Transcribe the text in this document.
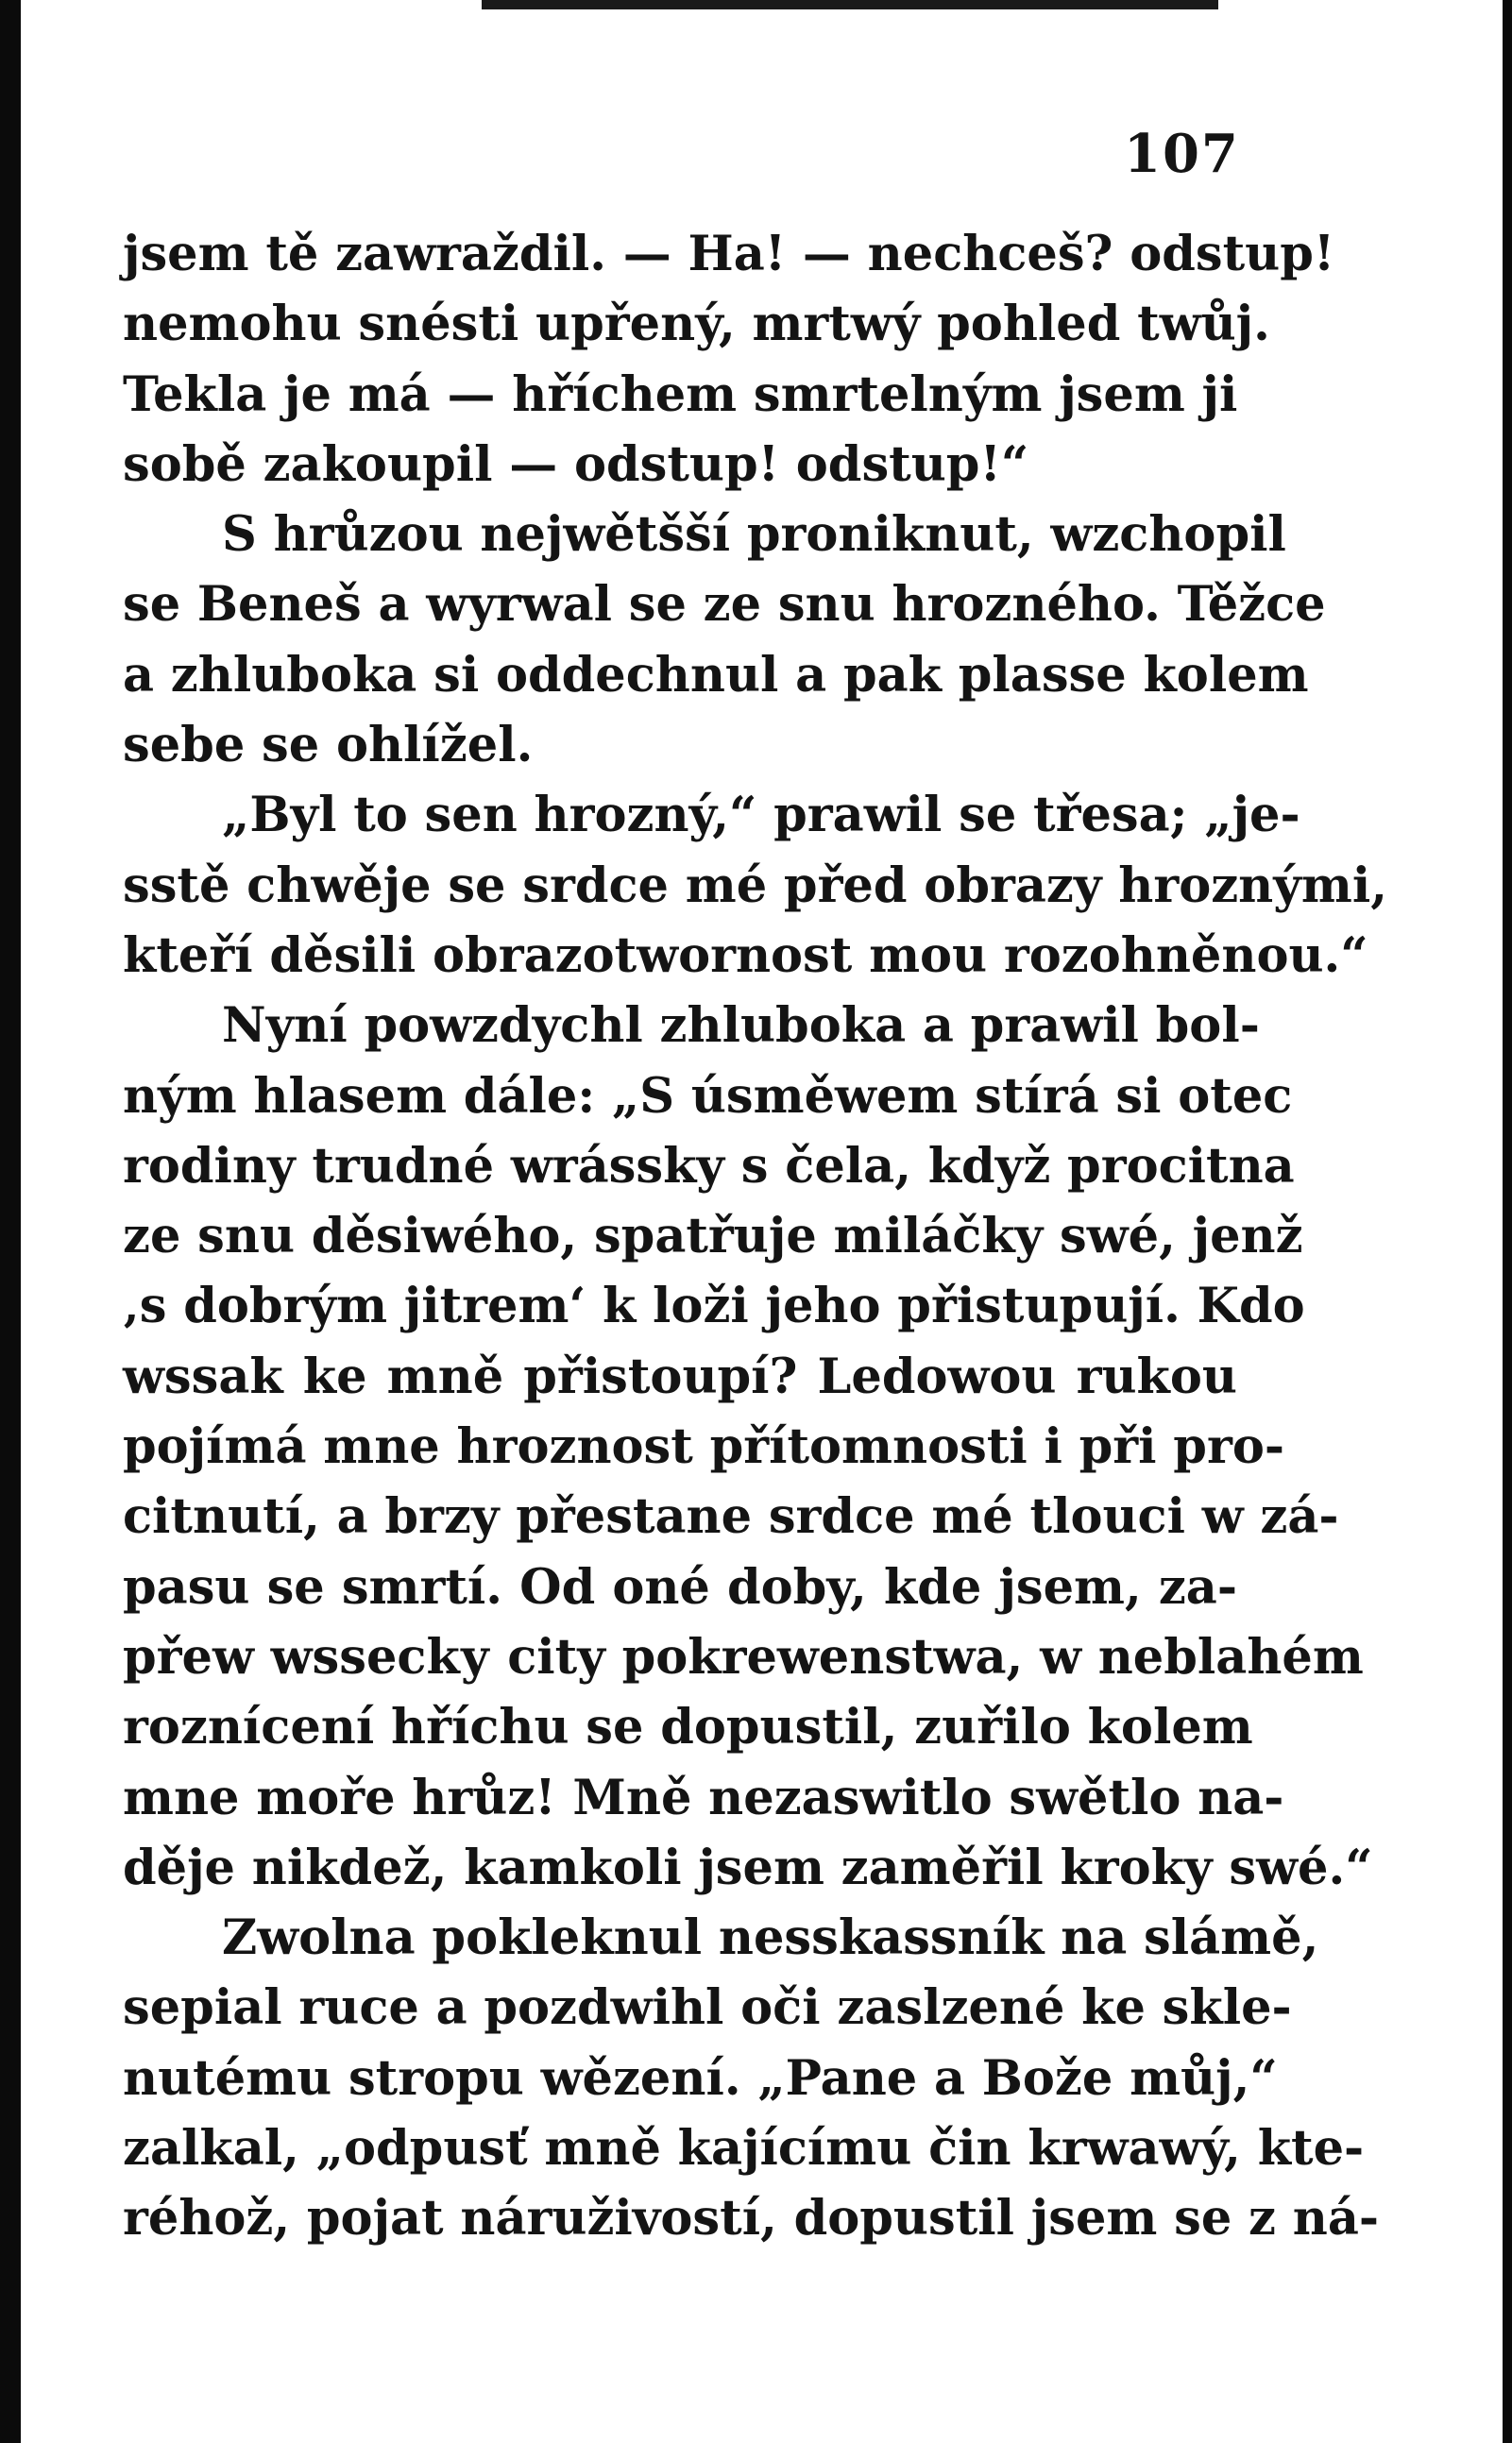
107
jsem tě zawraždil. — Ha! — nechceš? odstup!
nemohu snésti upřený, mrtwý pohled twůj.
Tekla je má — hříchem smrtelným jsem ji
sobě zakoupil — odstup! odstup!“
S hrůzou nejwětšší proniknut, wzchopil
se Beneš a wyrwal se ze snu hrozného. Těžce
a zhluboka si oddechnul a pak plasse kolem
sebe se ohlížel.
„Byl to sen hrozný,“ prawil se třesa; „je-
sstě chwěje se srdce mé před obrazy hroznými,
kteří děsili obrazotwornost mou rozohněnou.“
Nyní powzdychl zhluboka a prawil bol-
ným hlasem dále: „S úsměwem stírá si otec
rodiny trudné wrássky s čela, když procitna
ze snu děsiwého, spatřuje miláčky swé, jenž
‚s dobrým jitrem‘ k loži jeho přistupují. Kdo
wssak ke mně přistoupí? Ledowou rukou
pojímá mne hroznost přítomnosti i při pro-
citnutí, a brzy přestane srdce mé tlouci w zá-
pasu se smrtí. Od oné doby, kde jsem, za-
přew wsseckу city pokrewenstwa, w neblahém
roznícení hříchu se dopustil, zuřilo kolem
mne moře hrůz! Mně nezaswitlo swětlo na-
děje nikdež, kamkoli jsem zaměřil kroky swé.“
Zwolna pokleknul nesskassník na slámě,
sepial ruce a pozdwihl oči zaslzené ke skle-
nutému stropu wězení. „Pane a Bože můj,“
zalkal, „odpusť mně kajícímu čin krwawý, kte-
réhož, pojat náruživostí, dopustil jsem se z ná-
